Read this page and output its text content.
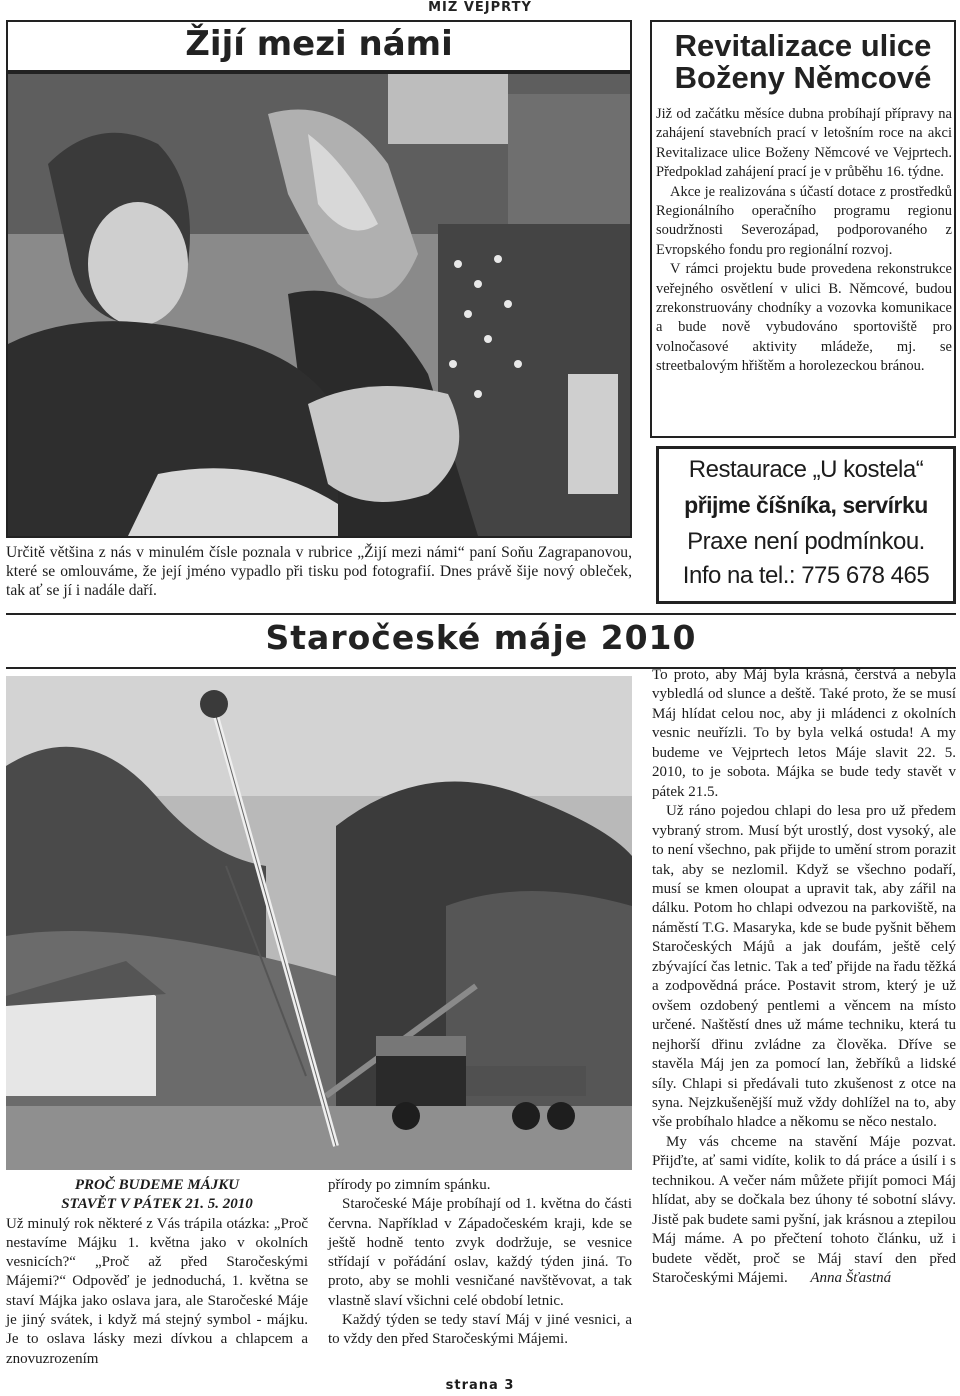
MIZ VEJPRTY
Žijí mezi námi
Určitě většina z nás v minulém čísle poznala v rubrice „Žijí mezi námi“ paní Soňu Zagrapanovou, které se omlouváme, že její jméno vypadlo při tisku pod fotografií. Dnes právě šije nový obleček, tak ať se jí i nadále daří.
Revitalizace ulice Boženy Němcové

Již od začátku měsíce dubna probíhají přípravy na zahájení stavebních prací v letošním roce na akci Revitalizace ulice Boženy Němcové ve Vejprtech. Předpoklad zahájení prací je v průběhu 16. týdne.

Akce je realizována s účastí dotace z prostředků Regionálního operačního programu regionu soudržnosti Severozápad, podporovaného z Evropského fondu pro regionální rozvoj.

V rámci projektu bude provedena rekonstrukce veřejného osvětlení v ulici B. Němcové, budou zrekonstruovány chodníky a vozovka komunikace a bude nově vybudováno sportoviště pro volnočasové aktivity mládeže, mj. se streetbalovým hřištěm a horolezeckou bránou.

Restaurace „U kostela“
přijme číšníka, servírku
Praxe není podmínkou.
Info na tel.: 775 678 465
Staročeské máje 2010
PROČ BUDEME MÁJKU
STAVĚT V PÁTEK 21. 5. 2010

Už minulý rok některé z Vás trápila otázka: „Proč nestavíme Májku 1. května jako v okolních vesnicích?“ „Proč až před Staročeskými Májemi?“ Odpověď je jednoduchá, 1. května se staví Májka jako oslava jara, ale Staročeské Máje je jiný svátek, i když má stejný symbol - májku. Je to oslava lásky mezi dívkou a chlapcem a znovuzrozením

přírody po zimním spánku.

Staročeské Máje probíhají od 1. května do části června. Například v Západočeském kraji, kde se ještě hodně tento zvyk dodržuje, se vesnice střídají v pořádání oslav, každý týden jiná. To proto, aby se mohli vesničané navštěvovat, a tak vlastně slaví všichni celé období letnic.

Každý týden se tedy staví Máj v jiné vesnici, a to vždy den před Staročeskými Májemi.

To proto, aby Máj byla krásná, čerstvá a nebyla vybledlá od slunce a deště. Také proto, že se musí Máj hlídat celou noc, aby ji mládenci z okolních vesnic neuřízli. To by byla velká ostuda! A my budeme ve Vejprtech letos Máje slavit 22. 5. 2010, to je sobota. Májka se bude tedy stavět v pátek 21.5.

Už ráno pojedou chlapi do lesa pro už předem vybraný strom. Musí být urostlý, dost vysoký, ale to není všechno, pak přijde to umění strom porazit tak, aby se nezlomil. Když se všechno podaří, musí se kmen oloupat a upravit tak, aby zářil na dálku. Potom ho chlapi odvezou na parkoviště, na náměstí T.G. Masaryka, kde se bude pyšnit během Staročeských Májů a jak doufám, ještě celý zbývající čas letnic. Tak a teď přijde na řadu těžká a zodpovědná práce. Postavit strom, který je už ovšem ozdobený pentlemi a věncem na místo určené. Naštěstí dnes už máme techniku, která tu nejhorší dřinu zvládne za člověka. Dříve se stavěla Máj jen za pomocí lan, žebříků a lidské síly. Chlapi si předávali tuto zkušenost z otce na syna. Nejzkušenější muž vždy dohlížel na to, aby vše probíhalo hladce a někomu se něco nestalo.

My vás chceme na stavění Máje pozvat. Přijďte, ať sami vidíte, kolik to dá práce a úsilí i s technikou. A večer nám můžete přijít pomoci Máj hlídat, aby se dočkala bez úhony té sobotní slávy. Jistě pak budete sami pyšní, jak krásnou a ztepilou Máj máme. A po přečtení tohoto článku, už i budete vědět, proč se Máj staví den před Staročeskými Májemi. Anna Šťastná

strana 3
